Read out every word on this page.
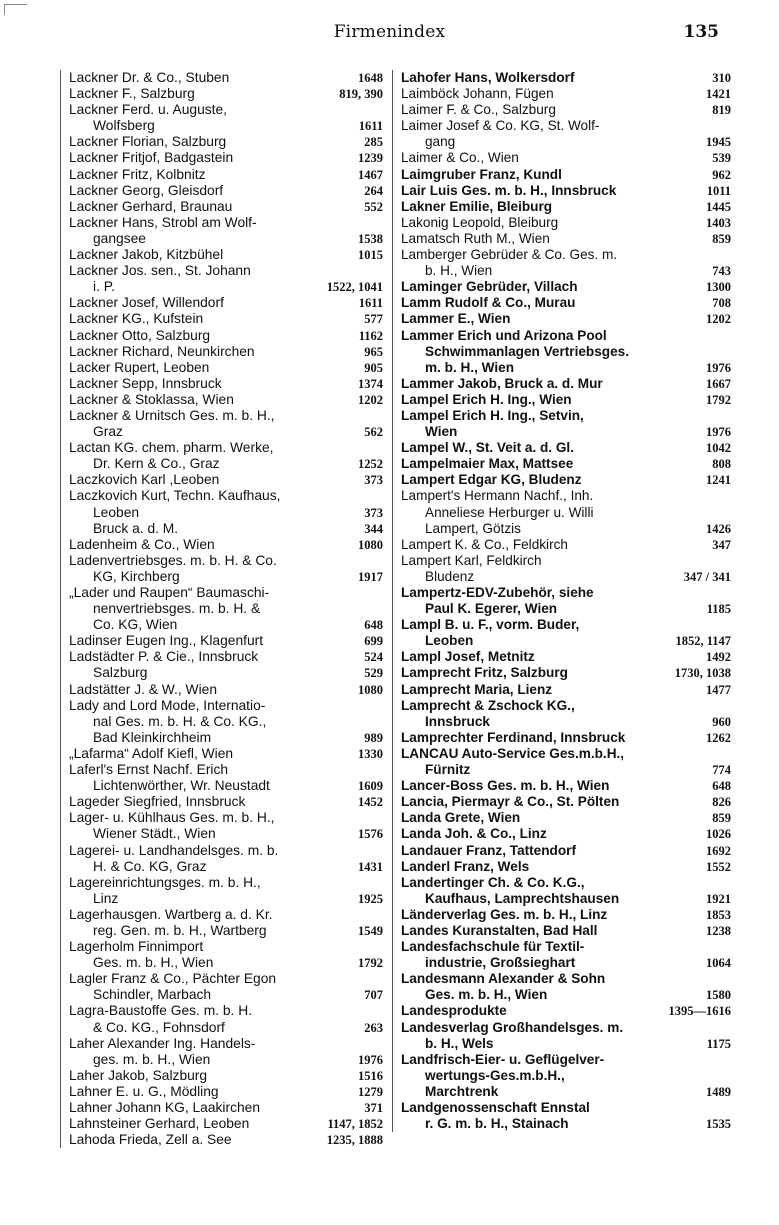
Firmenindex	135
Lackner Dr. & Co., Stuben	1648
Lackner F., Salzburg	819, 390
Lackner Ferd. u. Auguste,
Wolfsberg	1611
Lackner Florian, Salzburg	285
Lackner Fritjof, Badgastein	1239
Lackner Fritz, Kolbnitz	1467
Lackner Georg, Gleisdorf	264
Lackner Gerhard, Braunau	552
Lackner Hans, Strobl am Wolf-
gangsee	1538
Lackner Jakob, Kitzbühel	1015
Lackner Jos. sen., St. Johann
i. P.	1522, 1041
Lackner Josef, Willendorf	1611
Lackner KG., Kufstein	577
Lackner Otto, Salzburg	1162
Lackner Richard, Neunkirchen	965
Lacker Rupert, Leoben	905
Lackner Sepp, Innsbruck	1374
Lackner & Stoklassa, Wien	1202
Lackner & Urnitsch Ges. m. b. H.,
Graz	562
Lactan KG. chem. pharm. Werke,
Dr. Kern & Co., Graz	1252
Laczkovich Karl ,Leoben	373
Laczkovich Kurt, Techn. Kaufhaus,
Leoben	373
Bruck a. d. M.	344
Ladenheim & Co., Wien	1080
Ladenvertriebsges. m. b. H. & Co.
KG, Kirchberg	1917
„Lader und Raupen“ Baumaschi-
nenvertriebsges. m. b. H. &
Co. KG, Wien	648
Ladinser Eugen Ing., Klagenfurt	699
Ladstädter P. & Cie., Innsbruck	524
Salzburg	529
Ladstätter J. & W., Wien	1080
Lady and Lord Mode, Internatio-
nal Ges. m. b. H. & Co. KG.,
Bad Kleinkirchheim	989
„Lafarma“ Adolf Kiefl, Wien	1330
Laferl's Ernst Nachf. Erich
Lichtenwörther, Wr. Neustadt	1609
Lageder Siegfried, Innsbruck	1452
Lager- u. Kühlhaus Ges. m. b. H.,
Wiener Städt., Wien	1576
Lagerei- u. Landhandelsges. m. b.
H. & Co. KG, Graz	1431
Lagereinrichtungsges. m. b. H.,
Linz	1925
Lagerhausgen. Wartberg a. d. Kr.
reg. Gen. m. b. H., Wartberg	1549
Lagerholm Finnimport
Ges. m. b. H., Wien	1792
Lagler Franz & Co., Pächter Egon
Schindler, Marbach	707
Lagra-Baustoffe Ges. m. b. H.
& Co. KG., Fohnsdorf	263
Laher Alexander Ing. Handels-
ges. m. b. H., Wien	1976
Laher Jakob, Salzburg	1516
Lahner E. u. G., Mödling	1279
Lahner Johann KG, Laakirchen	371
Lahnsteiner Gerhard, Leoben	1147, 1852
Lahoda Frieda, Zell a. See	1235, 1888
Lahofer Hans, Wolkersdorf	310
Laimböck Johann, Fügen	1421
Laimer F. & Co., Salzburg	819
Laimer Josef & Co. KG, St. Wolf-
gang	1945
Laimer & Co., Wien	539
Laimgruber Franz, Kundl	962
Lair Luis Ges. m. b. H., Innsbruck	1011
Lakner Emilie, Bleiburg	1445
Lakonig Leopold, Bleiburg	1403
Lamatsch Ruth M., Wien	859
Lamberger Gebrüder & Co. Ges. m.
b. H., Wien	743
Laminger Gebrüder, Villach	1300
Lamm Rudolf & Co., Murau	708
Lammer E., Wien	1202
Lammer Erich und Arizona Pool
Schwimmanlagen Vertriebsges.
m. b. H., Wien	1976
Lammer Jakob, Bruck a. d. Mur	1667
Lampel Erich H. Ing., Wien	1792
Lampel Erich H. Ing., Setvin,
Wien	1976
Lampel W., St. Veit a. d. Gl.	1042
Lampelmaier Max, Mattsee	808
Lampert Edgar KG, Bludenz	1241
Lampert's Hermann Nachf., Inh.
Anneliese Herburger u. Willi
Lampert, Götzis	1426
Lampert K. & Co., Feldkirch	347
Lampert Karl, Feldkirch
Bludenz	347 / 341
Lampertz-EDV-Zubehör, siehe
Paul K. Egerer, Wien	1185
Lampl B. u. F., vorm. Buder,
Leoben	1852, 1147
Lampl Josef, Metnitz	1492
Lamprecht Fritz, Salzburg	1730, 1038
Lamprecht Maria, Lienz	1477
Lamprecht & Zschock KG.,
Innsbruck	960
Lamprechter Ferdinand, Innsbruck	1262
LANCAU Auto-Service Ges.m.b.H.,
Fürnitz	774
Lancer-Boss Ges. m. b. H., Wien	648
Lancia, Piermayr & Co., St. Pölten	826
Landa Grete, Wien	859
Landa Joh. & Co., Linz	1026
Landauer Franz, Tattendorf	1692
Landerl Franz, Wels	1552
Landertinger Ch. & Co. K.G.,
Kaufhaus, Lamprechtshausen	1921
Länderverlag Ges. m. b. H., Linz	1853
Landes Kuranstalten, Bad Hall	1238
Landesfachschule für Textil-
industrie, Großsieghart	1064
Landesmann Alexander & Sohn
Ges. m. b. H., Wien	1580
Landesprodukte	1395—1616
Landesverlag Großhandelsges. m.
b. H., Wels	1175
Landfrisch-Eier- u. Geflügelver-
wertungs-Ges.m.b.H.,
Marchtrenk	1489
Landgenossenschaft Ennstal
r. G. m. b. H., Stainach	1535
